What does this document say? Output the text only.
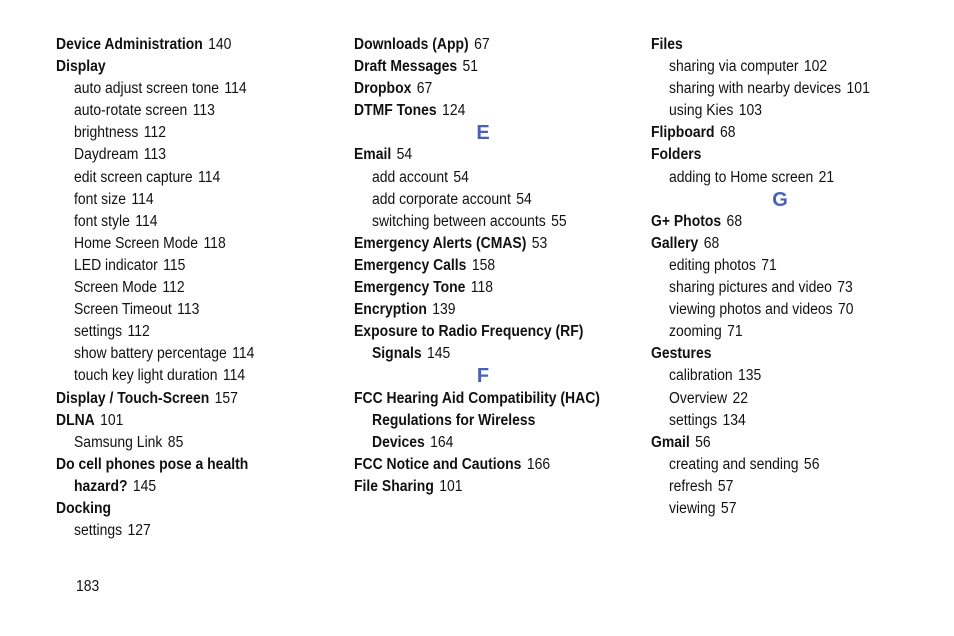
Device Administration 140
Display
auto adjust screen tone 114
auto-rotate screen 113
brightness 112
Daydream 113
edit screen capture 114
font size 114
font style 114
Home Screen Mode 118
LED indicator 115
Screen Mode 112
Screen Timeout 113
settings 112
show battery percentage 114
touch key light duration 114
Display / Touch-Screen 157
DLNA 101
Samsung Link 85
Do cell phones pose a health
hazard? 145
Docking
settings 127
Downloads (App) 67
Draft Messages 51
Dropbox 67
DTMF Tones 124
E
Email 54
add account 54
add corporate account 54
switching between accounts 55
Emergency Alerts (CMAS) 53
Emergency Calls 158
Emergency Tone 118
Encryption 139
Exposure to Radio Frequency (RF)
Signals 145
F
FCC Hearing Aid Compatibility (HAC)
Regulations for Wireless
Devices 164
FCC Notice and Cautions 166
File Sharing 101
Files
sharing via computer 102
sharing with nearby devices 101
using Kies 103
Flipboard 68
Folders
adding to Home screen 21
G
G+ Photos 68
Gallery 68
editing photos 71
sharing pictures and video 73
viewing photos and videos 70
zooming 71
Gestures
calibration 135
Overview 22
settings 134
Gmail 56
creating and sending 56
refresh 57
viewing 57
183
